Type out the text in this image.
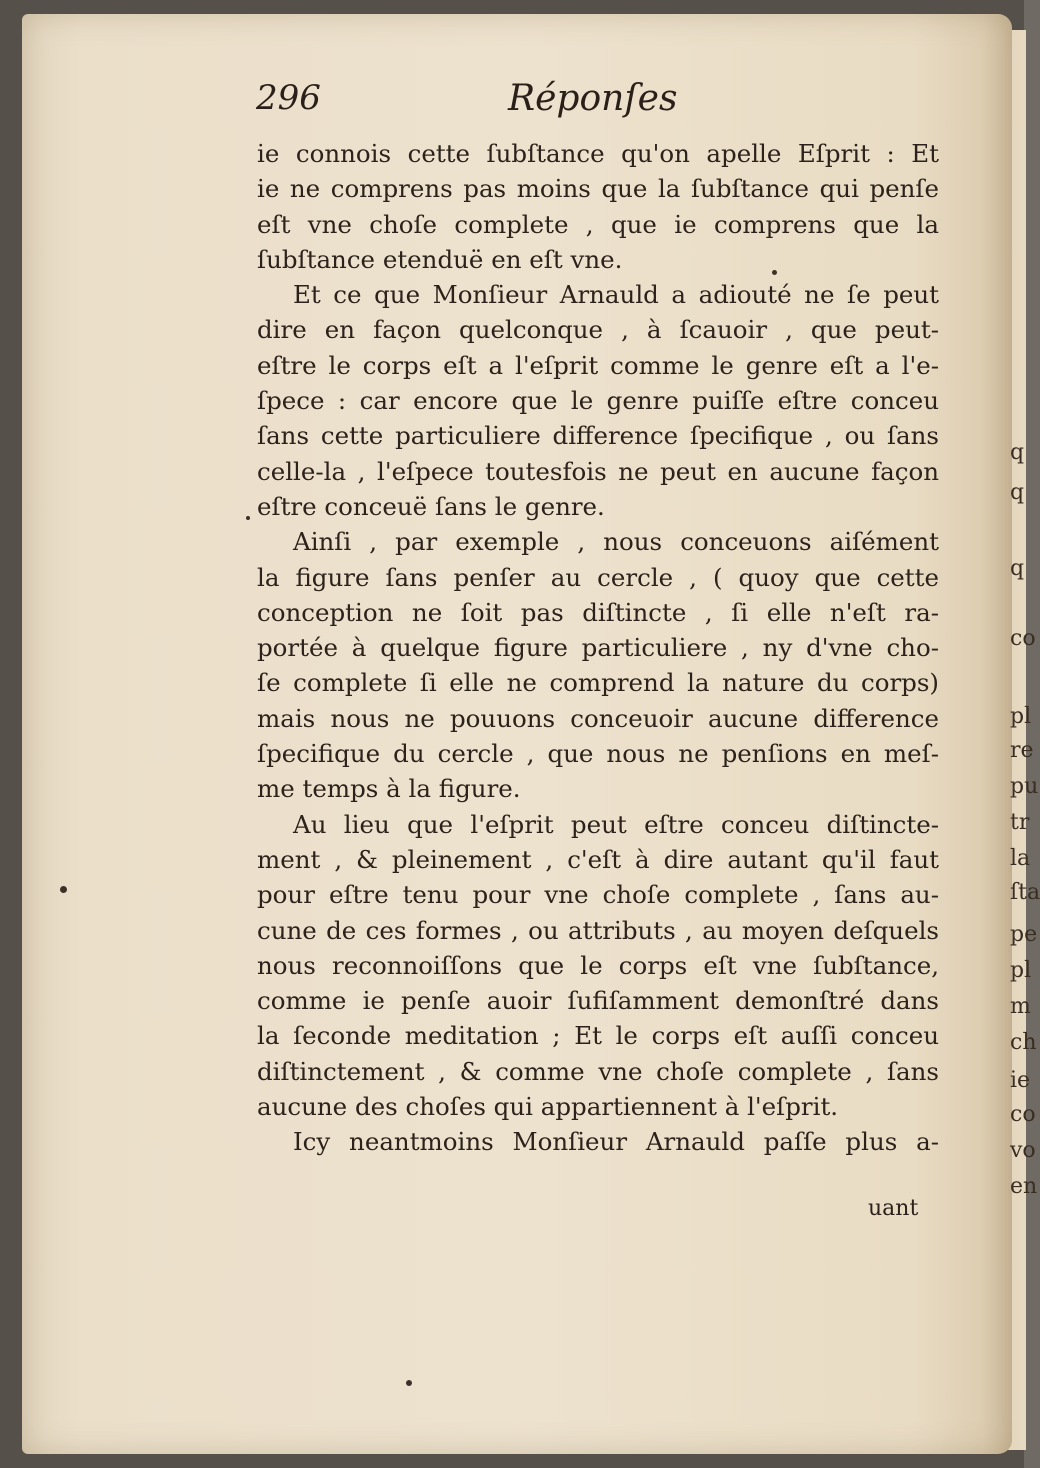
296	Réponſes
ie connois cette ſubſtance qu'on apelle Eſprit : Et
ie ne comprens pas moins que la ſubſtance qui penſe
eſt vne choſe complete , que ie comprens que la
ſubſtance etenduë en eſt vne.
Et ce que Monſieur Arnauld a adiouté ne ſe peut
dire en façon quelconque , à ſcauoir , que peut-
eſtre le corps eſt a l'eſprit comme le genre eſt a l'e-
ſpece : car encore que le genre puiſſe eſtre conceu
ſans cette particuliere difference ſpecifique , ou ſans
celle-la , l'eſpece toutesfois ne peut en aucune façon
eſtre conceuë ſans le genre.
Ainſi , par exemple , nous conceuons aiſément
la figure ſans penſer au cercle , ( quoy que cette
conception ne ſoit pas diſtincte , ſi elle n'eſt ra-
portée à quelque figure particuliere , ny d'vne cho-
ſe complete ſi elle ne comprend la nature du corps)
mais nous ne pouuons conceuoir aucune difference
ſpecifique du cercle , que nous ne penſions en meſ-
me temps à la figure.
Au lieu que l'eſprit peut eſtre conceu diſtincte-
ment , & pleinement , c'eſt à dire autant qu'il faut
pour eſtre tenu pour vne choſe complete , ſans au-
cune de ces formes , ou attributs , au moyen deſquels
nous reconnoiſſons que le corps eſt vne ſubſtance,
comme ie penſe auoir ſufiſamment demonſtré dans
la ſeconde meditation ; Et le corps eſt auſſi conceu
diſtinctement , & comme vne choſe complete , ſans
aucune des choſes qui appartiennent à l'eſprit.
Icy neantmoins Monſieur Arnauld paſſe plus a-
uant
q
q
q
co
pl
re
pu
tr
la
ſta
pe
pl
m
ch
ie
co
vo
en
